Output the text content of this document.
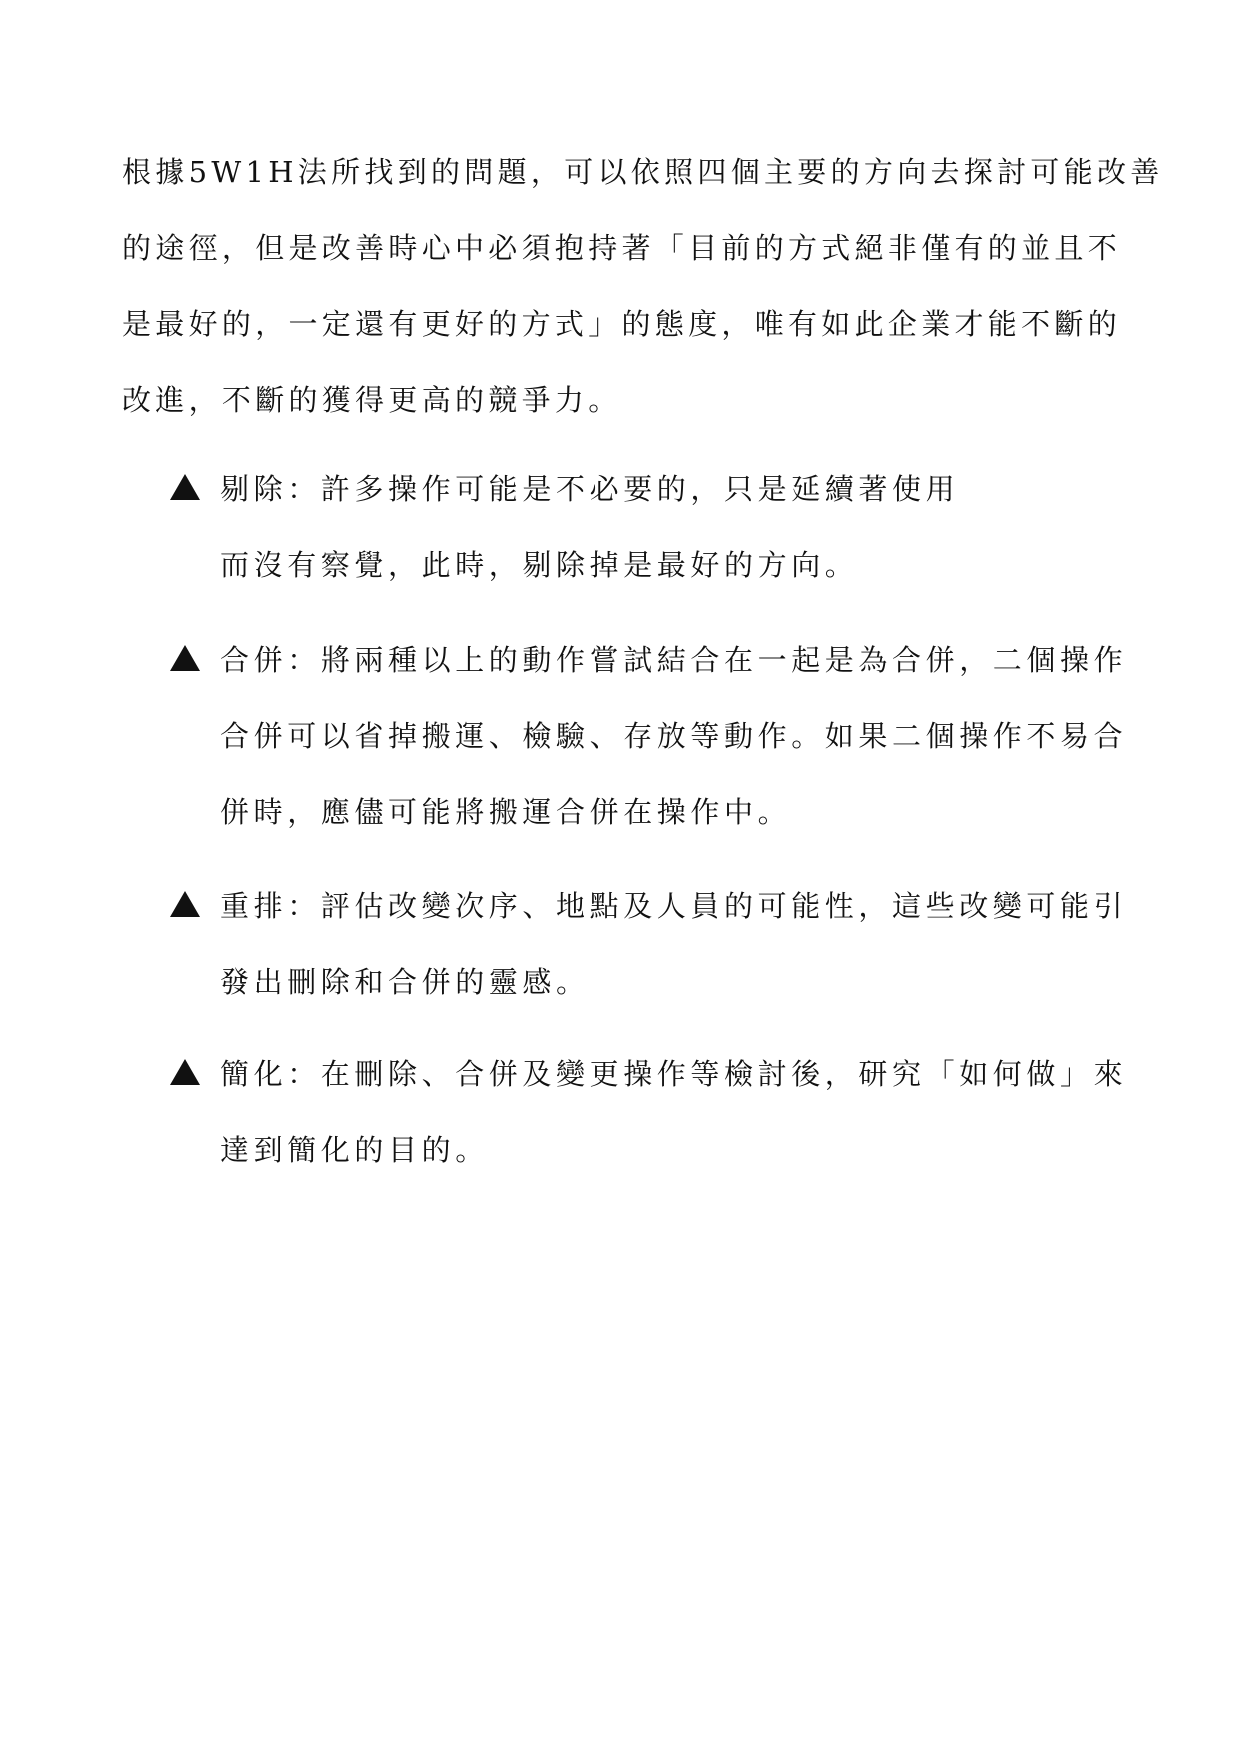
根據5W1H法所找到的問題，可以依照四個主要的方向去探討可能改善
的途徑，但是改善時心中必須抱持著「目前的方式絕非僅有的並且不
是最好的，一定還有更好的方式」的態度，唯有如此企業才能不斷的
改進，不斷的獲得更高的競爭力。
剔除：許多操作可能是不必要的，只是延續著使用
而沒有察覺，此時，剔除掉是最好的方向。
合併：將兩種以上的動作嘗試結合在一起是為合併，二個操作
合併可以省掉搬運、檢驗、存放等動作。如果二個操作不易合
併時，應儘可能將搬運合併在操作中。
重排：評估改變次序、地點及人員的可能性，這些改變可能引
發出刪除和合併的靈感。
簡化：在刪除、合併及變更操作等檢討後，研究「如何做」來
達到簡化的目的。
